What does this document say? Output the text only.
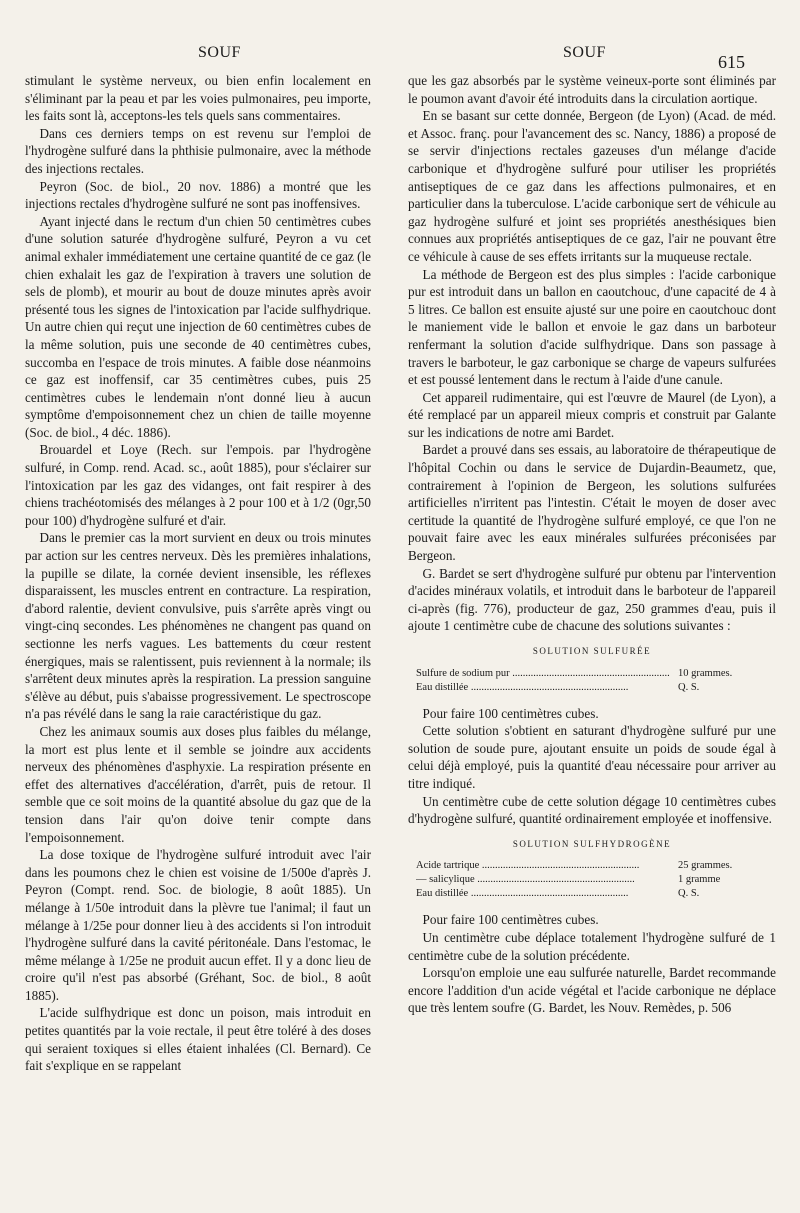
SOUF	SOUF	615

stimulant le système nerveux, ou bien enfin localement en s'éliminant par la peau et par les voies pulmonaires, peu importe, les faits sont là, acceptons-les tels quels sans commentaires.

Dans ces derniers temps on est revenu sur l'emploi de l'hydrogène sulfuré dans la phthisie pulmonaire, avec la méthode des injections rectales.

Peyron (Soc. de biol., 20 nov. 1886) a montré que les injections rectales d'hydrogène sulfuré ne sont pas inoffensives.

Ayant injecté dans le rectum d'un chien 50 centimètres cubes d'une solution saturée d'hydrogène sulfuré, Peyron a vu cet animal exhaler immédiatement une certaine quantité de ce gaz (le chien exhalait les gaz de l'expiration à travers une solution de sels de plomb), et mourir au bout de douze minutes après avoir présenté tous les signes de l'intoxication par l'acide sulfhydrique. Un autre chien qui reçut une injection de 60 centimètres cubes de la même solution, puis une seconde de 40 centimètres cubes, succomba en l'espace de trois minutes. A faible dose néanmoins ce gaz est inoffensif, car 35 centimètres cubes, puis 25 centimètres cubes le lendemain n'ont donné lieu à aucun symptôme d'empoisonnement chez un chien de taille moyenne (Soc. de biol., 4 déc. 1886).

Brouardel et Loye (Rech. sur l'empois. par l'hydrogène sulfuré, in Comp. rend. Acad. sc., août 1885), pour s'éclairer sur l'intoxication par les gaz des vidanges, ont fait respirer à des chiens trachéotomisés des mélanges à 2 pour 100 et à 1/2 (0gr,50 pour 100) d'hydrogène sulfuré et d'air.

Dans le premier cas la mort survient en deux ou trois minutes par action sur les centres nerveux. Dès les premières inhalations, la pupille se dilate, la cornée devient insensible, les réflexes disparaissent, les muscles entrent en contracture. La respiration, d'abord ralentie, devient convulsive, puis s'arrête après vingt ou vingt-cinq secondes. Les phénomènes ne changent pas quand on sectionne les nerfs vagues. Les battements du cœur restent énergiques, mais se ralentissent, puis reviennent à la normale; ils s'arrêtent deux minutes après la respiration. La pression sanguine s'élève au début, puis s'abaisse progressivement. Le spectroscope n'a pas révélé dans le sang la raie caractéristique du gaz.

Chez les animaux soumis aux doses plus faibles du mélange, la mort est plus lente et il semble se joindre aux accidents nerveux des phénomènes d'asphyxie. La respiration présente en effet des alternatives d'accélération, d'arrêt, puis de retour. Il semble que ce soit moins de la quantité absolue du gaz que de la tension dans l'air qu'on doive tenir compte dans l'empoisonnement.

La dose toxique de l'hydrogène sulfuré introduit avec l'air dans les poumons chez le chien est voisine de 1/500e d'après J. Peyron (Compt. rend. Soc. de biologie, 8 août 1885). Un mélange à 1/50e introduit dans la plèvre tue l'animal; il faut un mélange à 1/25e pour donner lieu à des accidents si l'on introduit l'hydrogène sulfuré dans la cavité péritonéale. Dans l'estomac, le même mélange à 1/25e ne produit aucun effet. Il y a donc lieu de croire qu'il n'est pas absorbé (Gréhant, Soc. de biol., 8 août 1885).

L'acide sulfhydrique est donc un poison, mais introduit en petites quantités par la voie rectale, il peut être toléré à des doses qui seraient toxiques si elles étaient inhalées (Cl. Bernard). Ce fait s'explique en se rappelant

que les gaz absorbés par le système veineux-porte sont éliminés par le poumon avant d'avoir été introduits dans la circulation aortique.

En se basant sur cette donnée, Bergeon (de Lyon) (Acad. de méd. et Assoc. franç. pour l'avancement des sc. Nancy, 1886) a proposé de se servir d'injections rectales gazeuses d'un mélange d'acide carbonique et d'hydrogène sulfuré pour utiliser les propriétés antiseptiques de ce gaz dans les affections pulmonaires, et en particulier dans la tuberculose. L'acide carbonique sert de véhicule au gaz hydrogène sulfuré et joint ses propriétés anesthésiques bien connues aux propriétés antiseptiques de ce gaz, l'air ne pouvant être ce véhicule à cause de ses effets irritants sur la muqueuse rectale.

La méthode de Bergeon est des plus simples : l'acide carbonique pur est introduit dans un ballon en caoutchouc, d'une capacité de 4 à 5 litres. Ce ballon est ensuite ajusté sur une poire en caoutchouc dont le maniement vide le ballon et envoie le gaz dans un barboteur renfermant la solution d'acide sulfhydrique. Dans son passage à travers le barboteur, le gaz carbonique se charge de vapeurs sulfurées et est poussé lentement dans le rectum à l'aide d'une canule.

Cet appareil rudimentaire, qui est l'œuvre de Maurel (de Lyon), a été remplacé par un appareil mieux compris et construit par Galante sur les indications de notre ami Bardet.

Bardet a prouvé dans ses essais, au laboratoire de thérapeutique de l'hôpital Cochin ou dans le service de Dujardin-Beaumetz, que, contrairement à l'opinion de Bergeon, les solutions sulfurées artificielles n'irritent pas l'intestin. C'était le moyen de doser avec certitude la quantité de l'hydrogène sulfuré employé, ce que l'on ne pouvait faire avec les eaux minérales sulfurées préconisées par Bergeon.

G. Bardet se sert d'hydrogène sulfuré pur obtenu par l'intervention d'acides minéraux volatils, et introduit dans le barboteur de l'appareil ci-après (fig. 776), producteur de gaz, 250 grammes d'eau, puis il ajoute 1 centimètre cube de chacune des solutions suivantes :

SOLUTION SULFURÉE
Sulfure de sodium pur .....	10 grammes.
Eau distillée .....	Q. S.

Pour faire 100 centimètres cubes.

Cette solution s'obtient en saturant d'hydrogène sulfuré pur une solution de soude pure, ajoutant ensuite un poids de soude égal à celui déjà employé, puis la quantité d'eau nécessaire pour arriver au titre indiqué.

Un centimètre cube de cette solution dégage 10 centimètres cubes d'hydrogène sulfuré, quantité ordinairement employée et inoffensive.

SOLUTION SULFHYDROGÈNE
Acide tartrique .....	25 grammes.
— salicylique .....	1 gramme
Eau distillée .....	Q. S.

Pour faire 100 centimètres cubes.

Un centimètre cube déplace totalement l'hydrogène sulfuré de 1 centimètre cube de la solution précédente.

Lorsqu'on emploie une eau sulfurée naturelle, Bardet recommande encore l'addition d'un acide végétal et l'acide carbonique ne déplace que très lentem soufre (G. Bardet, les Nouv. Remèdes, p. 506
